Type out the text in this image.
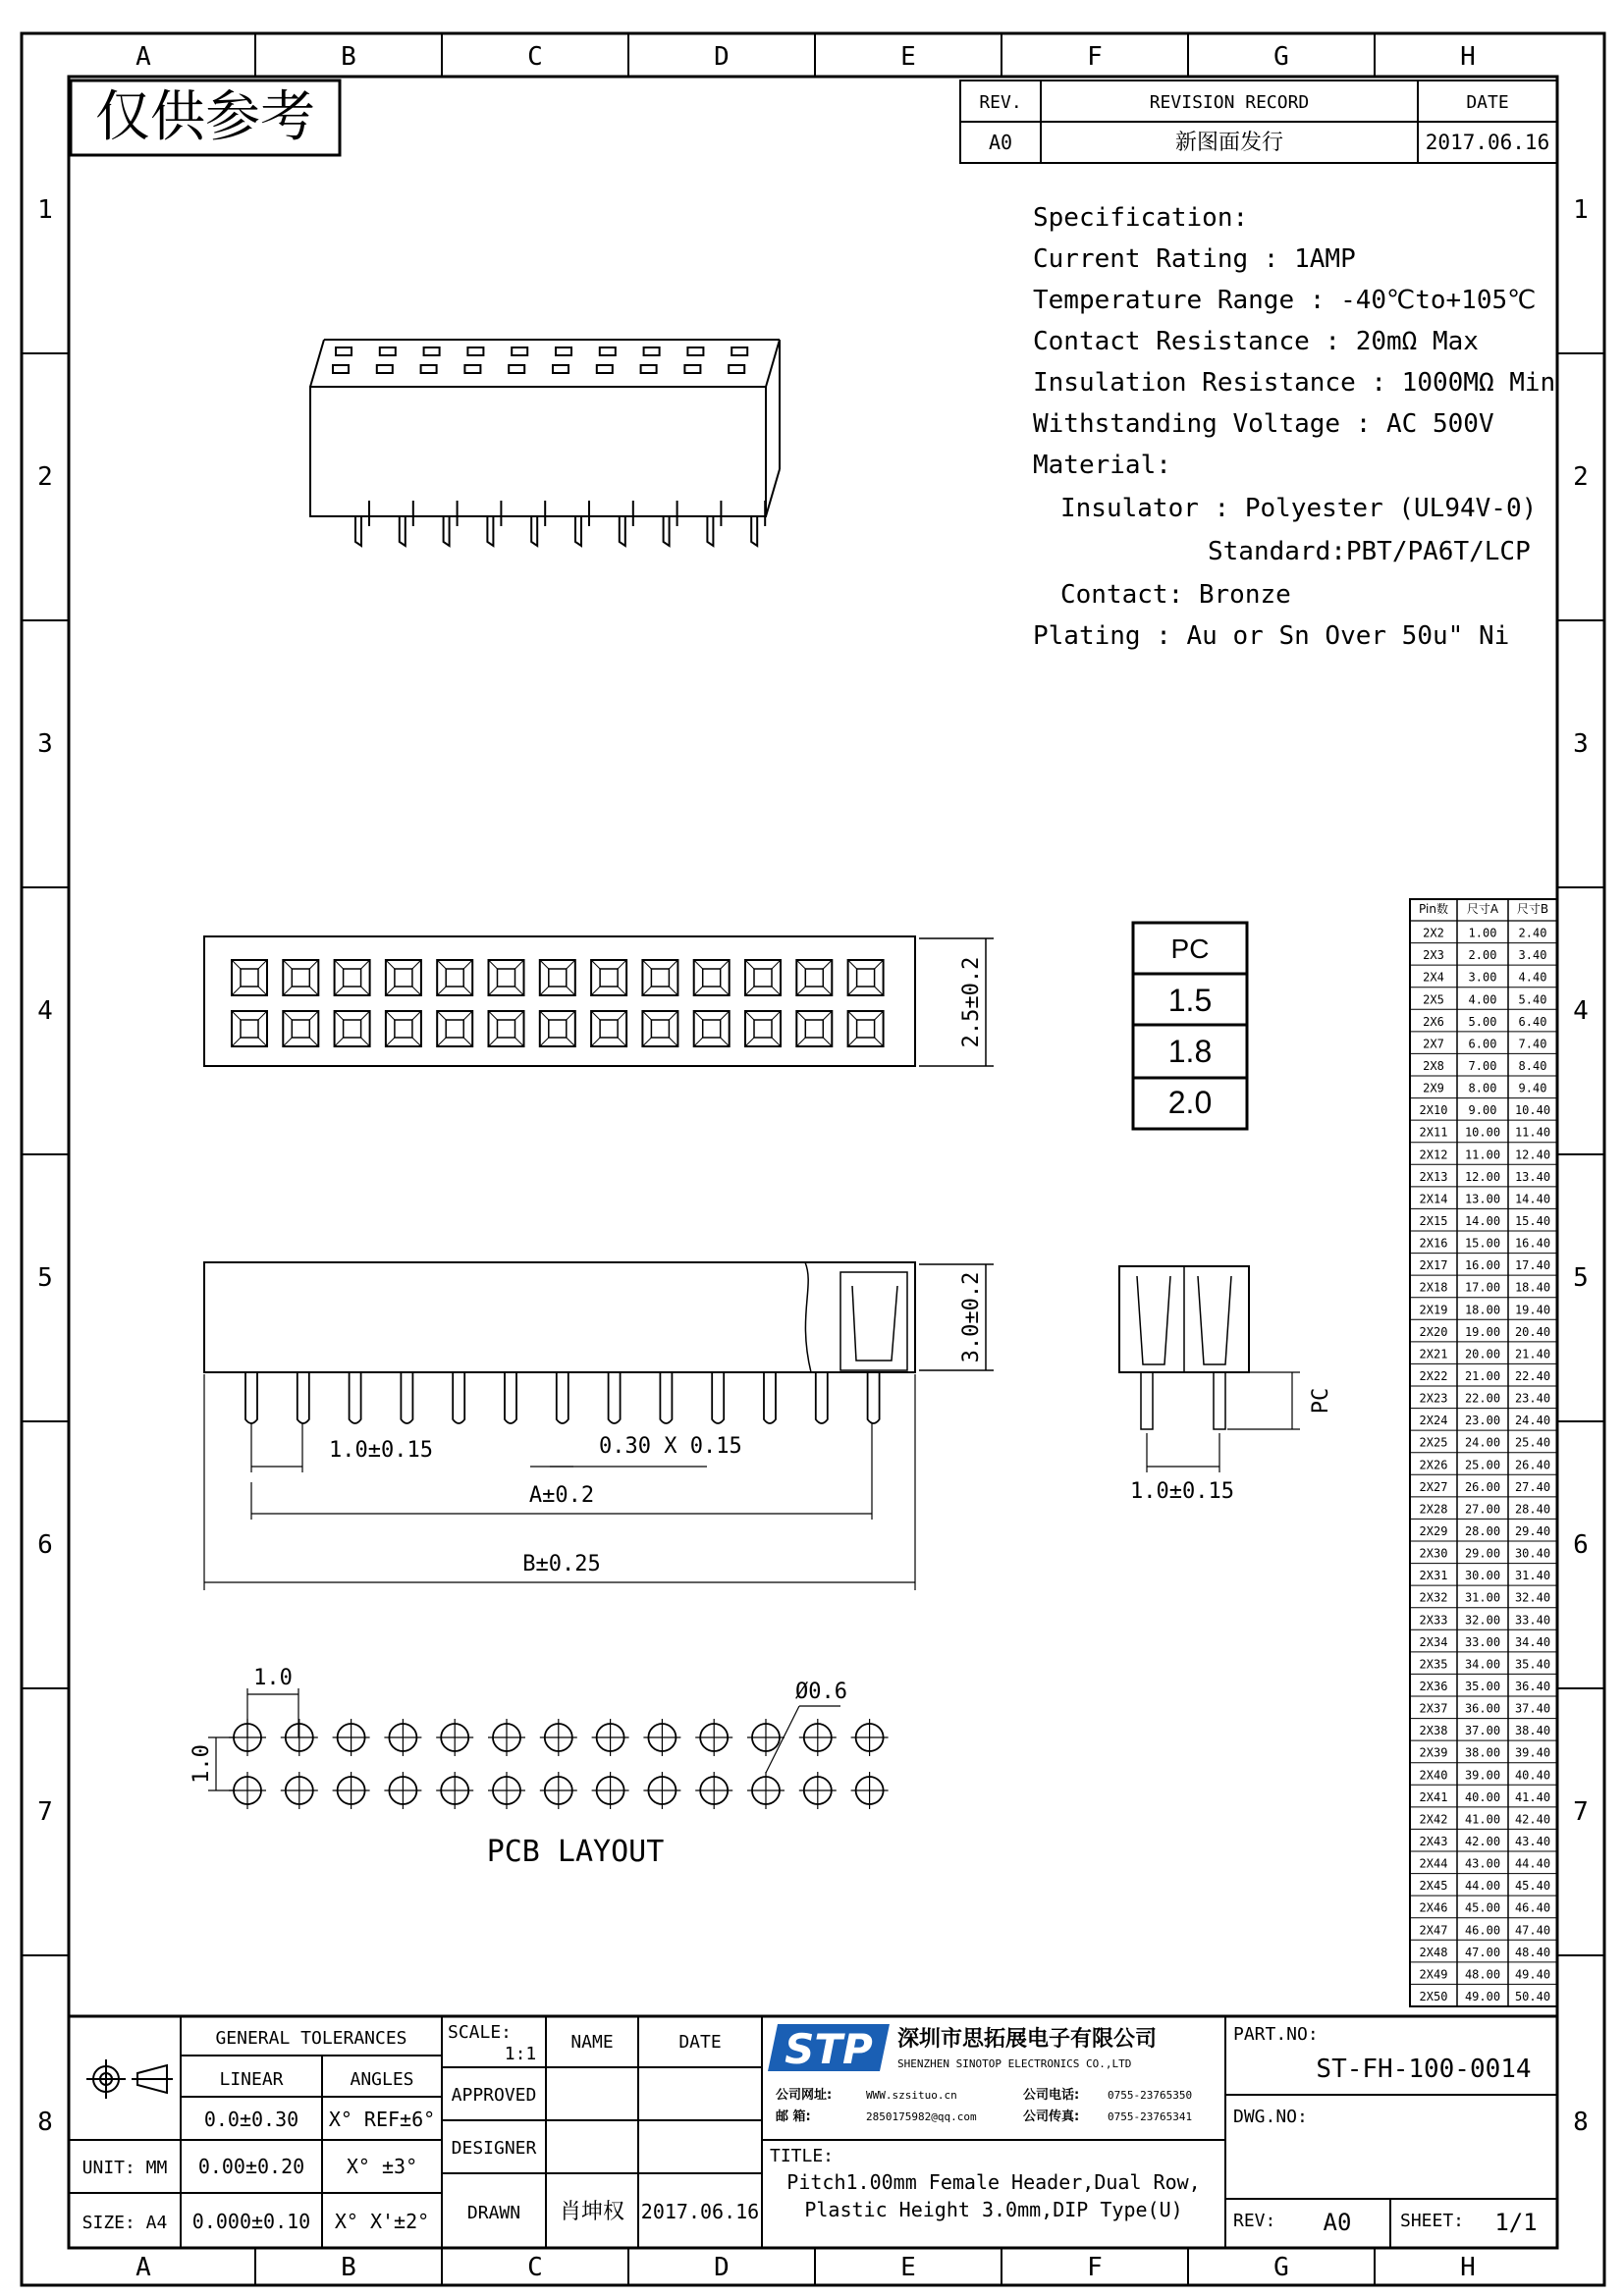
A	B	C	D	E	F	G	H
A	B	C	D	E	F	G	H
1
2
3
4
5
6
7
8
1
2
3
4
5
6
7
8
仅供参考	REV.	REVISION RECORD	DATE
A0	新图面发行	2017.06.16
Specification:
Current Rating : 1AMP
Temperature Range : -40℃to+105℃
Contact Resistance : 20mΩ Max
Insulation Resistance : 1000MΩ Min
Withstanding Voltage : AC 500V
Material:
Insulator : Polyester (UL94V-0)
Standard:PBT/PA6T/LCP
Contact: Bronze
Plating : Au or Sn Over 50u" Ni
2.5±0.2
PC
1.5
1.8
2.0
3.0±0.2
1.0±0.15	0.30 X 0.15
A±0.2
B±0.25
1.0±0.15
PC
1.0
1.0
Ø0.6
PCB LAYOUT
Pin数 尺寸A 尺寸B
2X2 1.00 2.40
2X3 2.00 3.40
2X4 3.00 4.40
2X5 4.00 5.40
2X6 5.00 6.40
2X7 6.00 7.40
2X8 7.00 8.40
2X9 8.00 9.40
2X10 9.00 10.40
2X11 10.00 11.40
2X12 11.00 12.40
2X13 12.00 13.40
2X14 13.00 14.40
2X15 14.00 15.40
2X16 15.00 16.40
2X17 16.00 17.40
2X18 17.00 18.40
2X19 18.00 19.40
2X20 19.00 20.40
2X21 20.00 21.40
2X22 21.00 22.40
2X23 22.00 23.40
2X24 23.00 24.40
2X25 24.00 25.40
2X26 25.00 26.40
2X27 26.00 27.40
2X28 27.00 28.40
2X29 28.00 29.40
2X30 29.00 30.40
2X31 30.00 31.40
2X32 31.00 32.40
2X33 32.00 33.40
2X34 33.00 34.40
2X35 34.00 35.40
2X36 35.00 36.40
2X37 36.00 37.40
2X38 37.00 38.40
2X39 38.00 39.40
2X40 39.00 40.40
2X41 40.00 41.40
2X42 41.00 42.40
2X43 42.00 43.40
2X44 43.00 44.40
2X45 44.00 45.40
2X46 45.00 46.40
2X47 46.00 47.40
2X48 47.00 48.40
2X49 48.00 49.40
2X50 49.00 50.40
GENERAL TOLERANCES
LINEAR	ANGLES
0.0±0.30 X° REF±6°
0.00±0.20 X° ±3°
0.000±0.10 X° X'±2°
UNIT: MM
SIZE: A4
SCALE:
1:1
NAME	DATE
APPROVED
DESIGNER
DRAWN 肖坤权 2017.06.16
STP 深圳市思拓展电子有限公司
SHENZHEN SINOTOP ELECTRONICS CO.,LTD
公司网址:	WWW.szsituo.cn
邮 箱:	2850175982@qq.com
公司电话:	0755-23765350
公司传真:	0755-23765341
TITLE:
Pitch1.00mm Female Header,Dual Row,
Plastic Height 3.0mm,DIP Type(U)
PART.NO:
ST-FH-100-0014
DWG.NO:
REV: A0	SHEET: 1/1
